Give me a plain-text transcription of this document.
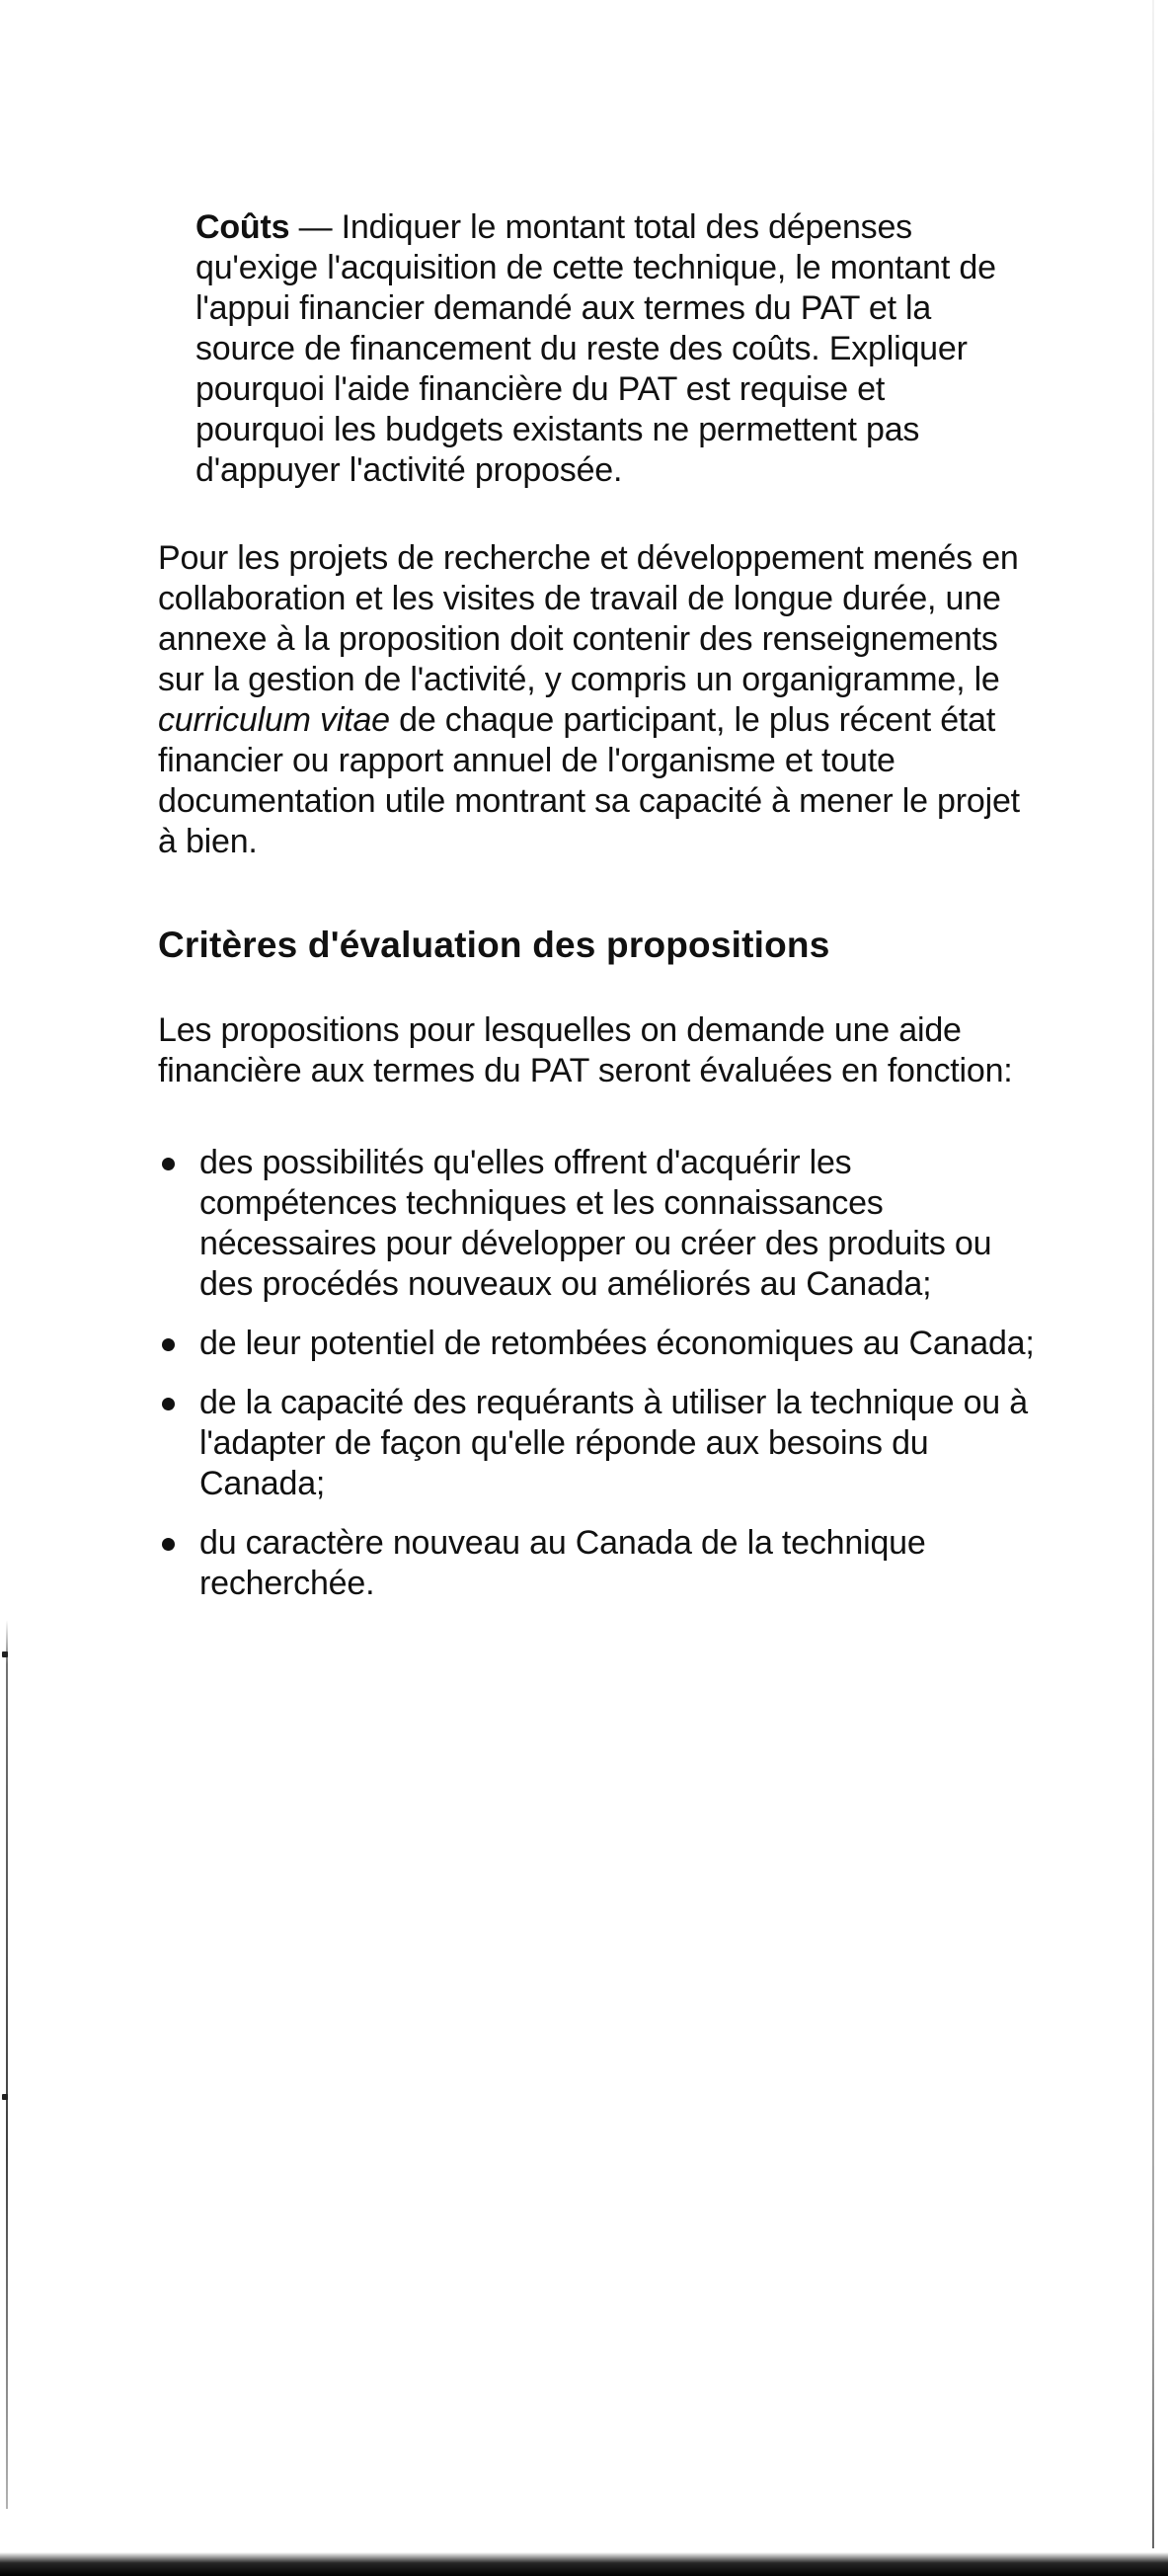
Coûts — Indiquer le montant total des dépenses qu'exige l'acquisition de cette technique, le montant de l'appui financier demandé aux termes du PAT et la source de financement du reste des coûts. Expliquer pourquoi l'aide financière du PAT est requise et pourquoi les budgets existants ne permettent pas d'appuyer l'activité proposée.

Pour les projets de recherche et développement menés en collaboration et les visites de travail de longue durée, une annexe à la proposition doit contenir des renseignements sur la gestion de l'activité, y compris un organigramme, le curriculum vitae de chaque participant, le plus récent état financier ou rapport annuel de l'organisme et toute documentation utile montrant sa capacité à mener le projet à bien.

Critères d'évaluation des propositions

Les propositions pour lesquelles on demande une aide financière aux termes du PAT seront évaluées en fonction:

des possibilités qu'elles offrent d'acquérir les compétences techniques et les connaissances nécessaires pour développer ou créer des produits ou des procédés nouveaux ou améliorés au Canada;
de leur potentiel de retombées économiques au Canada;
de la capacité des requérants à utiliser la technique ou à l'adapter de façon qu'elle réponde aux besoins du Canada;
du caractère nouveau au Canada de la technique recherchée.
